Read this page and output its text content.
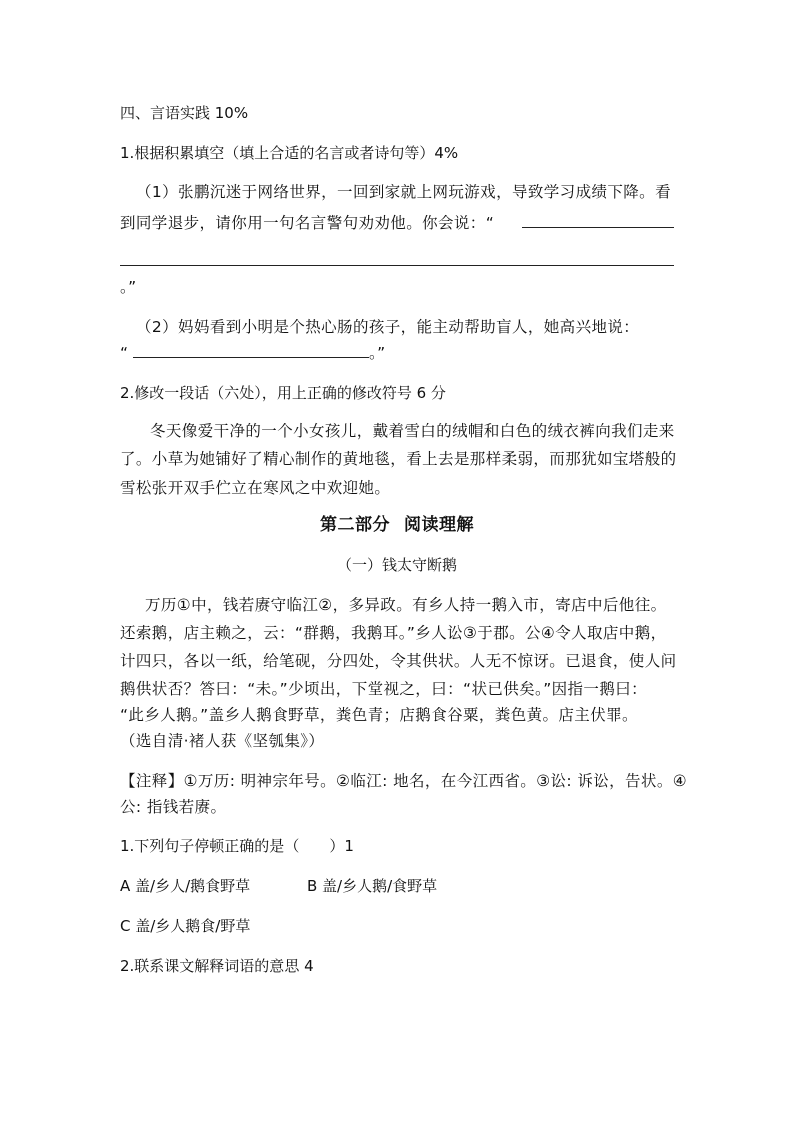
四、言语实践 10%
1.根据积累填空（填上合适的名言或者诗句等）4%
（1）张鹏沉迷于网络世界，一回到家就上网玩游戏，导致学习成绩下降。看
到同学退步，请你用一句名言警句劝劝他。你会说：“
。”
（2）妈妈看到小明是个热心肠的孩子，能主动帮助盲人，她高兴地说：
“	。”
2.修改一段话（六处），用上正确的修改符号 6 分
冬天像爱干净的一个小女孩儿，戴着雪白的绒帽和白色的绒衣裤向我们走来
了。小草为她铺好了精心制作的黄地毯，看上去是那样柔弱，而那犹如宝塔般的
雪松张开双手伫立在寒风之中欢迎她。
第二部分 阅读理解
（一）钱太守断鹅
万历①中，钱若赓守临江②，多异政。有乡人持一鹅入市，寄店中后他往。
还索鹅，店主赖之，云：“群鹅，我鹅耳。”乡人讼③于郡。公④令人取店中鹅，
计四只，各以一纸，给笔砚，分四处，令其供状。人无不惊讶。已退食，使人问
鹅供状否？答曰：“未。”少顷出，下堂视之，曰：“状已供矣。”因指一鹅曰：
“此乡人鹅。”盖乡人鹅食野草，粪色青；店鹅食谷粟，粪色黄。店主伏罪。
（选自清·褚人获《坚瓠集》）
【注释】①万历: 明神宗年号。②临江: 地名，在今江西省。③讼: 诉讼，告状。④
公: 指钱若赓。
1.下列句子停顿正确的是（　　）1
A 盖/乡人/鹅食野草	B 盖/乡人鹅/食野草
C 盖/乡人鹅食/野草
2.联系课文解释词语的意思 4
